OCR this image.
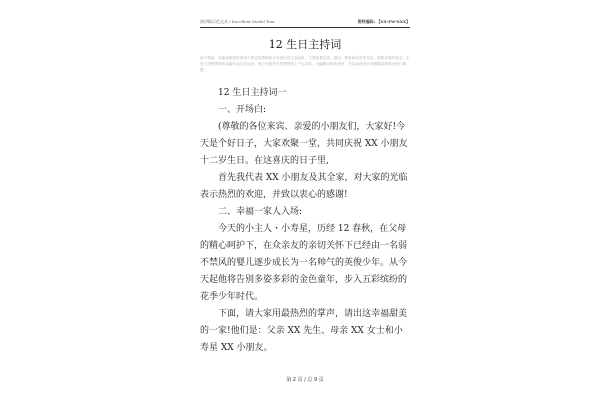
演讲稿示范文本 | Excellent Model Text	资料编码: 【XX-FW-XXX】
12 生日主持词
用户指南：该演讲稿资料适用于特定的情境场合中进行语言表达时，主要起着宣传、鼓动、教育和欣赏等作用，把演讲者的观点、主张与思想感情传达给听众以及读者，使之信服并在思想感情上产生共鸣。可编辑可修改使用，在实际使用中请根据具体情况进行调整。

12 生日主持词一

一、开场白:

(尊敬的各位来宾、亲爱的小朋友们，大家好!今天是个好日子，大家欢聚一堂，共同庆祝 XX 小朋友十二岁生日。在这喜庆的日子里,

首先我代表 XX 小朋友及其全家，对大家的光临表示热烈的欢迎，并致以衷心的感谢!

二、幸福一家人入场:

今天的小主人・小寿星，历经 12 春秋，在父母的精心呵护下，在众亲友的亲切关怀下已经由一名弱不禁风的婴儿逐步成长为一名帅气的英俊少年。从今天起他将告别多姿多彩的金色童年，步入五彩缤纷的花季少年时代。

下面，请大家用最热烈的掌声，请出这幸福甜美的一家!他们是：父亲 XX 先生、母亲 XX 女士和小寿星 XX 小朋友。

第 2 页 / 总 9 页
